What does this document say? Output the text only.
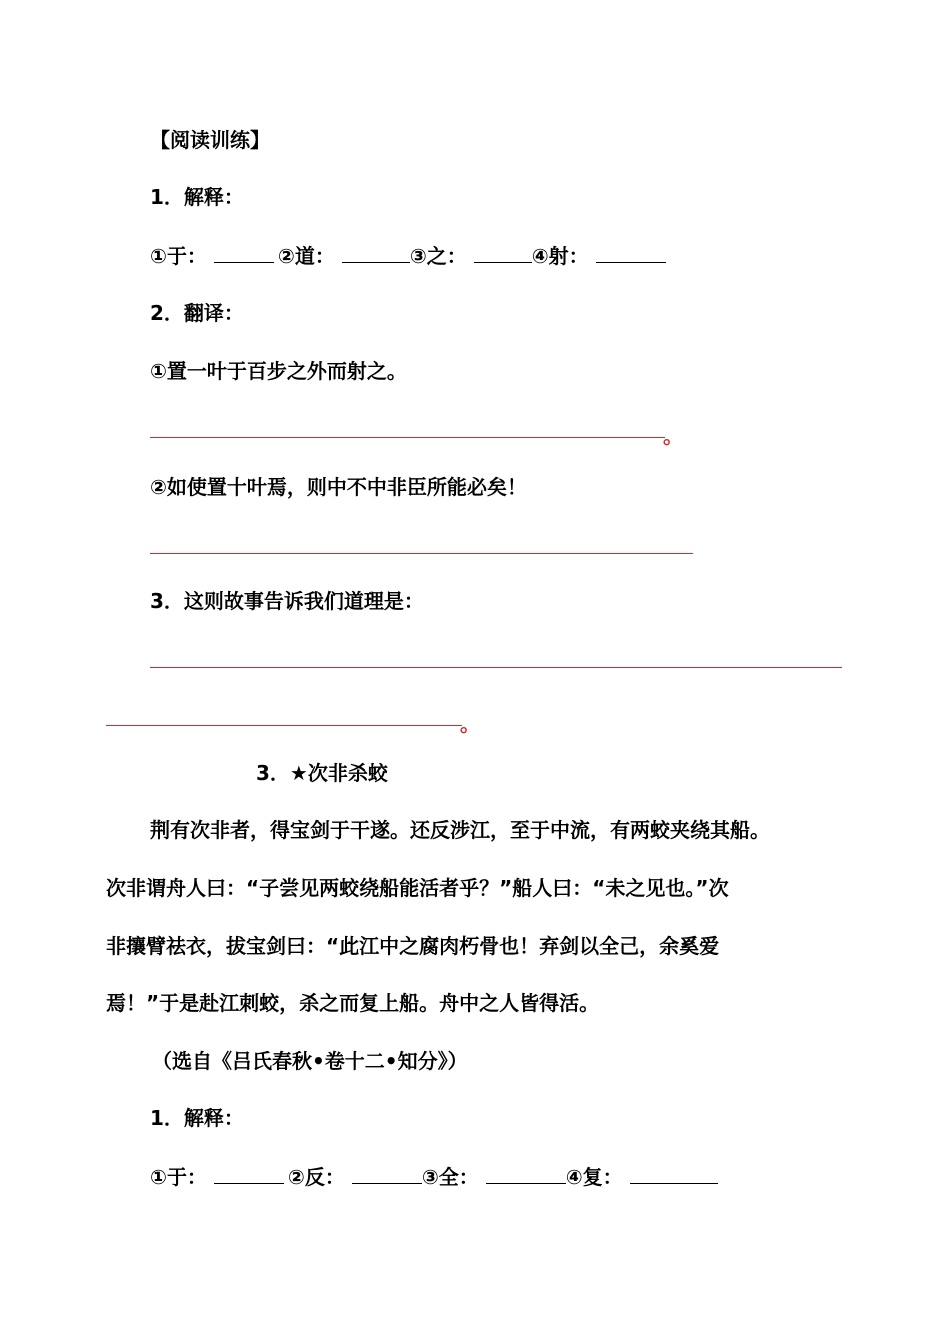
【阅读训练】
1．解释：
①于：	②道：	③之：	④射：
2．翻译：
①置一叶于百步之外而射之。
。
②如使置十叶焉，则中不中非臣所能必矣！
3．这则故事告诉我们道理是：
。
3．★次非杀蛟
荆有次非者，得宝剑于干遂。还反涉江，至于中流，有两蛟夹绕其船。
次非谓舟人曰：“子尝见两蛟绕船能活者乎？”船人曰：“未之见也。”次
非攘臂祛衣，拔宝剑曰：“此江中之腐肉朽骨也！弃剑以全己，余奚爱
焉！”于是赴江刺蛟，杀之而复上船。舟中之人皆得活。
（选自《吕氏春秋•卷十二•知分》）
1．解释：
①于：	②反：	③全：	④复：
